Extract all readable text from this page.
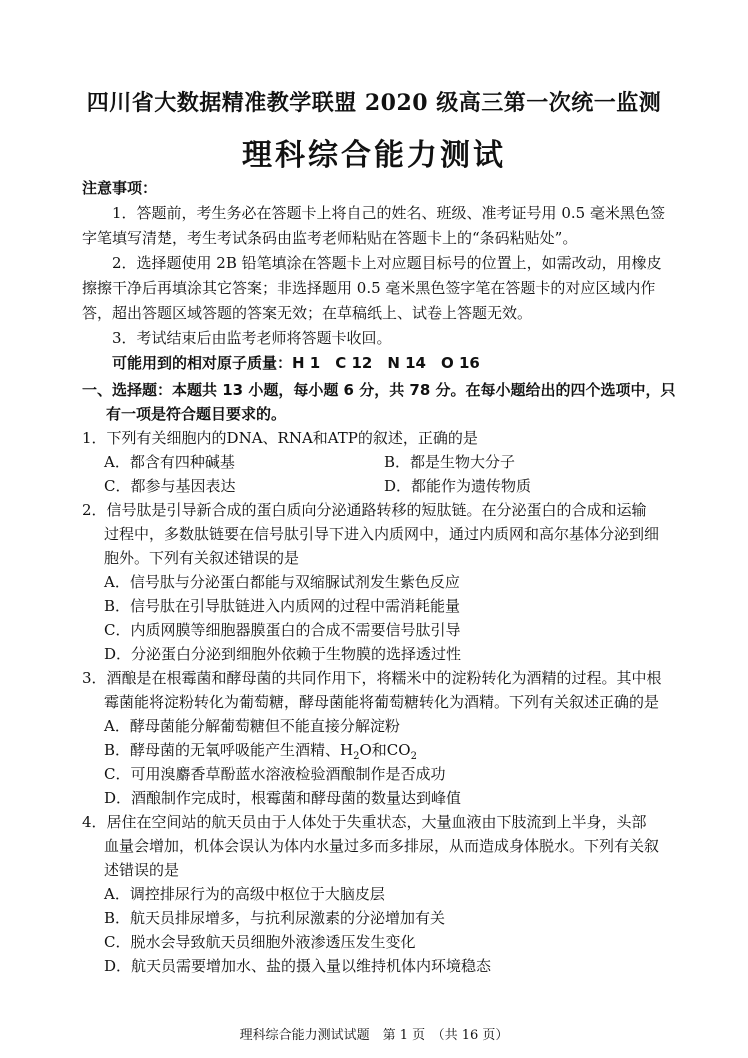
四川省大数据精准教学联盟 2020 级高三第一次统一监测
理科综合能力测试
注意事项：
1．答题前，考生务必在答题卡上将自己的姓名、班级、准考证号用 0.5 毫米黑色签
字笔填写清楚，考生考试条码由监考老师粘贴在答题卡上的“条码粘贴处”。
2．选择题使用 2B 铅笔填涂在答题卡上对应题目标号的位置上，如需改动，用橡皮
擦擦干净后再填涂其它答案；非选择题用 0.5 毫米黑色签字笔在答题卡的对应区域内作
答，超出答题区域答题的答案无效；在草稿纸上、试卷上答题无效。
3．考试结束后由监考老师将答题卡收回。
可能用到的相对原子质量：H 1　C 12　N 14　O 16
一、选择题：本题共 13 小题，每小题 6 分，共 78 分。在每小题给出的四个选项中，只
有一项是符合题目要求的。
1．下列有关细胞内的DNA、RNA和ATP的叙述，正确的是
A．都含有四种碱基	B．都是生物大分子
C．都参与基因表达	D．都能作为遗传物质
2．信号肽是引导新合成的蛋白质向分泌通路转移的短肽链。在分泌蛋白的合成和运输
过程中，多数肽链要在信号肽引导下进入内质网中，通过内质网和高尔基体分泌到细
胞外。下列有关叙述错误的是
A．信号肽与分泌蛋白都能与双缩脲试剂发生紫色反应
B．信号肽在引导肽链进入内质网的过程中需消耗能量
C．内质网膜等细胞器膜蛋白的合成不需要信号肽引导
D．分泌蛋白分泌到细胞外依赖于生物膜的选择透过性
3．酒酿是在根霉菌和酵母菌的共同作用下，将糯米中的淀粉转化为酒精的过程。其中根
霉菌能将淀粉转化为葡萄糖，酵母菌能将葡萄糖转化为酒精。下列有关叙述正确的是
A．酵母菌能分解葡萄糖但不能直接分解淀粉
B．酵母菌的无氧呼吸能产生酒精、$H_2O$和$CO_2$
C．可用溴麝香草酚蓝水溶液检验酒酿制作是否成功
D．酒酿制作完成时，根霉菌和酵母菌的数量达到峰值
4．居住在空间站的航天员由于人体处于失重状态，大量血液由下肢流到上半身，头部
血量会增加，机体会误认为体内水量过多而多排尿，从而造成身体脱水。下列有关叙
述错误的是
A．调控排尿行为的高级中枢位于大脑皮层
B．航天员排尿增多，与抗利尿激素的分泌增加有关
C．脱水会导致航天员细胞外液渗透压发生变化
D．航天员需要增加水、盐的摄入量以维持机体内环境稳态
理科综合能力测试试题　第 1 页　（共 16 页）
